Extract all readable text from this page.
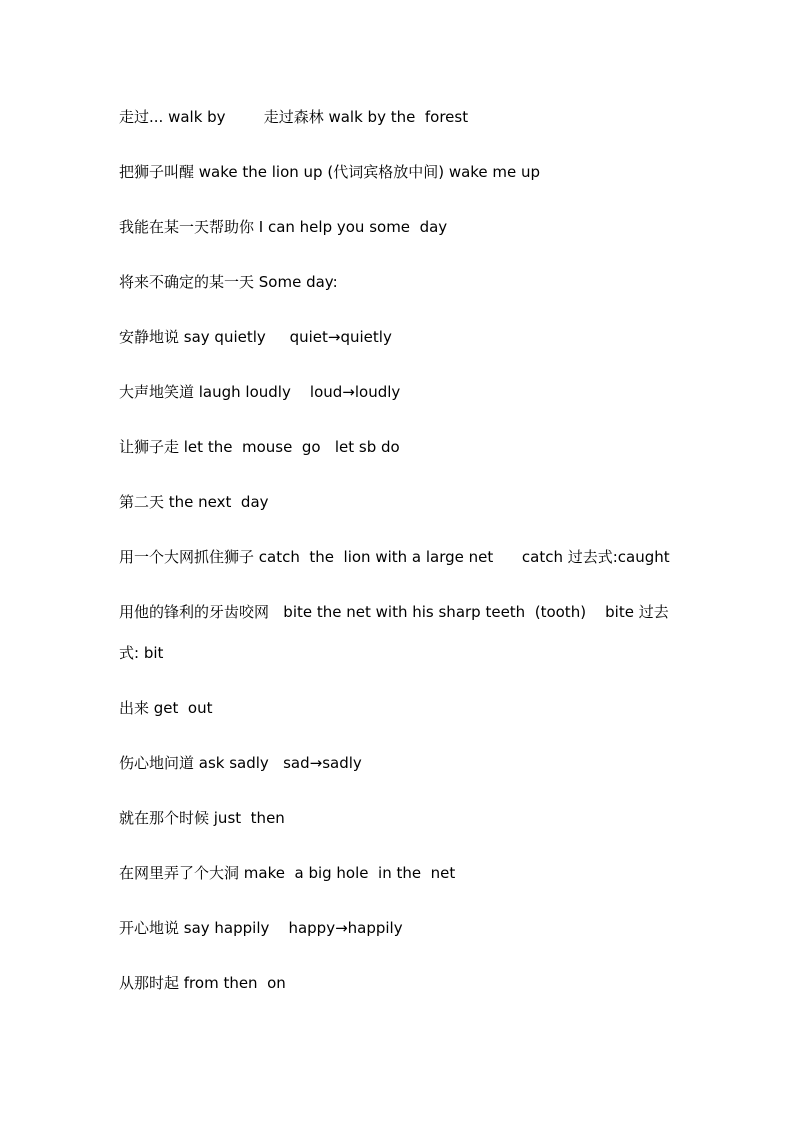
走过... walk by        走过森林 walk by the  forest
把狮子叫醒 wake the lion up (代词宾格放中间) wake me up
我能在某一天帮助你 I can help you some  day
将来不确定的某一天 Some day:
安静地说 say quietly     quiet→quietly
大声地笑道 laugh loudly    loud→loudly
让狮子走 let the  mouse  go   let sb do
第二天 the next  day
用一个大网抓住狮子 catch  the  lion with a large net      catch 过去式:caught
用他的锋利的牙齿咬网   bite the net with his sharp teeth  (tooth)    bite 过去
式: bit
出来 get  out
伤心地问道 ask sadly   sad→sadly
就在那个时候 just  then
在网里弄了个大洞 make  a big hole  in the  net
开心地说 say happily    happy→happily
从那时起 from then  on
